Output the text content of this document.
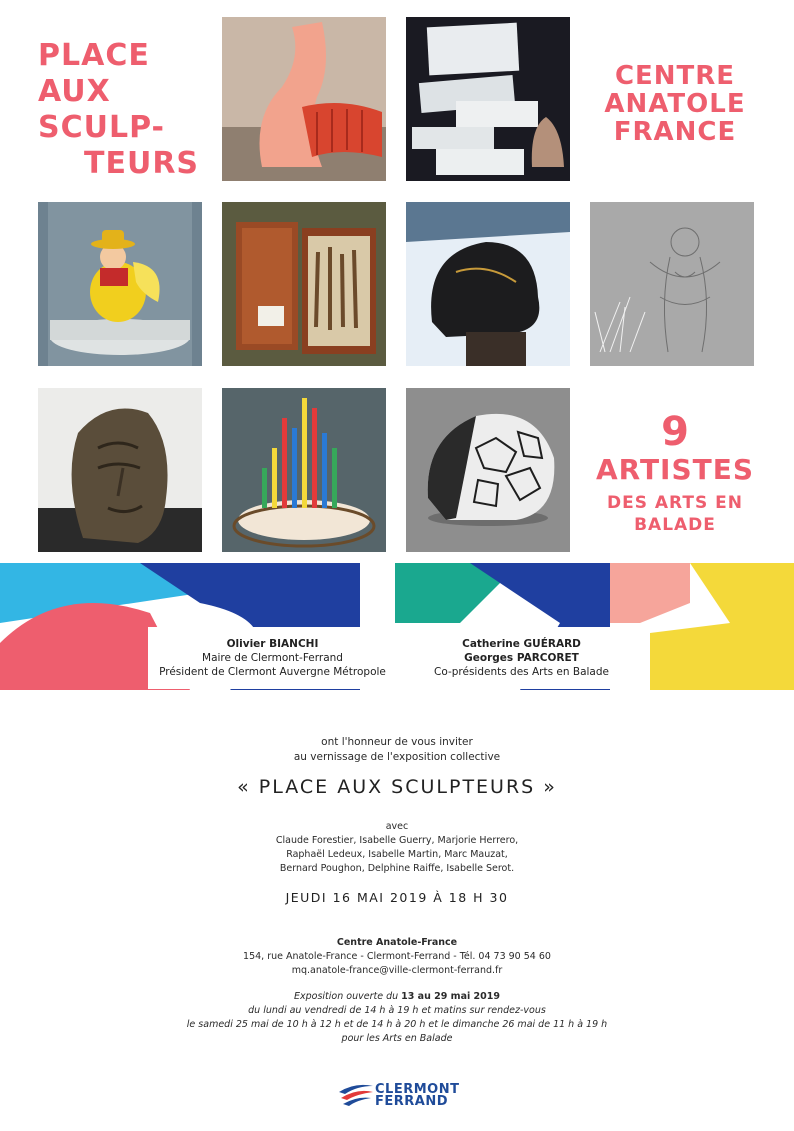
PLACE
AUX
SCULP-
TEURS
CENTRE
ANATOLE
FRANCE
9
ARTISTES
DES ARTS EN
BALADE
Olivier BIANCHI
Maire de Clermont-Ferrand
Président de Clermont Auvergne Métropole
Catherine GUÉRARD
Georges PARCORET
Co-présidents des Arts en Balade
ont l'honneur de vous inviter
au vernissage de l'exposition collective
« PLACE AUX SCULPTEURS »
avec
Claude Forestier, Isabelle Guerry, Marjorie Herrero,
Raphaël Ledeux, Isabelle Martin, Marc Mauzat,
Bernard Poughon, Delphine Raiffe, Isabelle Serot.
JEUDI 16 MAI 2019 À 18 H 30
Centre Anatole-France
154, rue Anatole-France - Clermont-Ferrand - Tél. 04 73 90 54 60
mq.anatole-france@ville-clermont-ferrand.fr
Exposition ouverte du 13 au 29 mai 2019
du lundi au vendredi de 14 h à 19 h et matins sur rendez-vous
le samedi 25 mai de 10 h à 12 h et de 14 h à 20 h et le dimanche 26 mai de 11 h à 19 h
pour les Arts en Balade
CLERMONT
FERRAND
